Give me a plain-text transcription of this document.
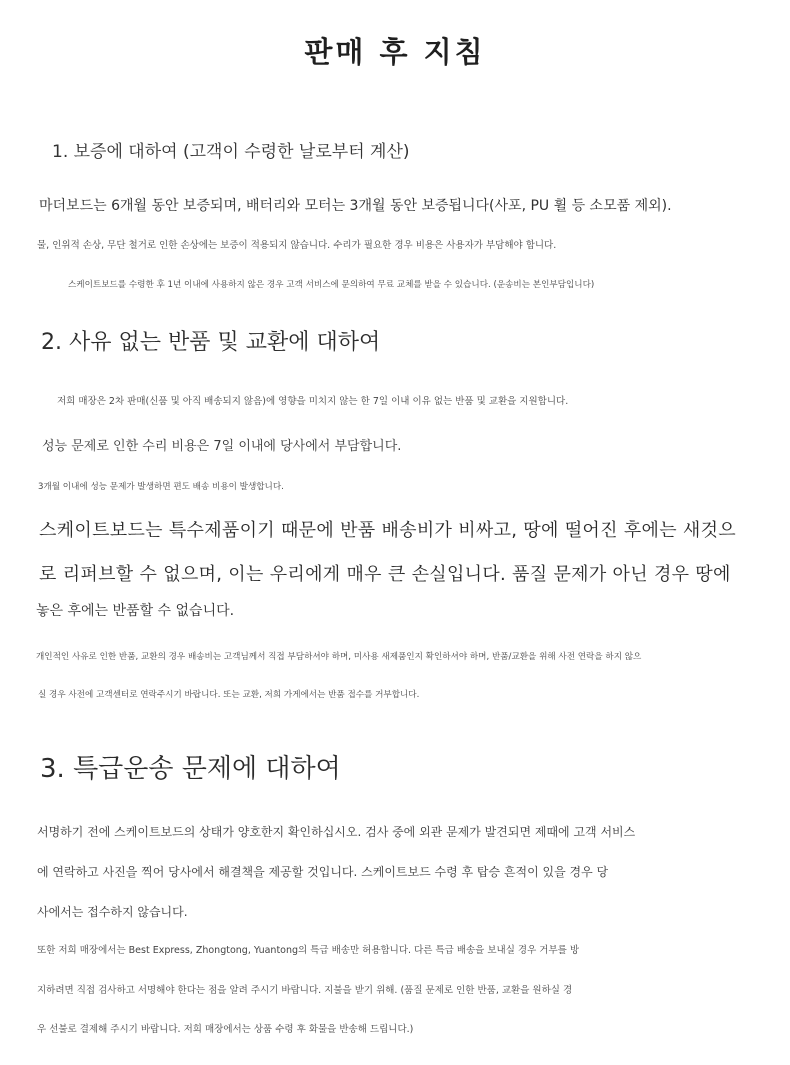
판매 후 지침
1. 보증에 대하여 (고객이 수령한 날로부터 계산)
마더보드는 6개월 동안 보증되며, 배터리와 모터는 3개월 동안 보증됩니다(사포, PU 휠 등 소모품 제외).
물, 인위적 손상, 무단 철거로 인한 손상에는 보증이 적용되지 않습니다. 수리가 필요한 경우 비용은 사용자가 부담해야 합니다.
스케이트보드를 수령한 후 1년 이내에 사용하지 않은 경우 고객 서비스에 문의하여 무료 교체를 받을 수 있습니다. (운송비는 본인부담입니다)
2. 사유 없는 반품 및 교환에 대하여
저희 매장은 2차 판매(신품 및 아직 배송되지 않음)에 영향을 미치지 않는 한 7일 이내 이유 없는 반품 및 교환을 지원합니다.
성능 문제로 인한 수리 비용은 7일 이내에 당사에서 부담합니다.
3개월 이내에 성능 문제가 발생하면 편도 배송 비용이 발생합니다.
스케이트보드는 특수제품이기 때문에 반품 배송비가 비싸고, 땅에 떨어진 후에는 새것으
로 리퍼브할 수 없으며, 이는 우리에게 매우 큰 손실입니다. 품질 문제가 아닌 경우 땅에
놓은 후에는 반품할 수 없습니다.
개인적인 사유로 인한 반품, 교환의 경우 배송비는 고객님께서 직접 부담하셔야 하며, 미사용 새제품인지 확인하셔야 하며, 반품/교환을 위해 사전 연락을 하지 않으
실 경우 사전에 고객센터로 연락주시기 바랍니다. 또는 교환, 저희 가게에서는 반품 접수를 거부합니다.
3. 특급운송 문제에 대하여
서명하기 전에 스케이트보드의 상태가 양호한지 확인하십시오. 검사 중에 외관 문제가 발견되면 제때에 고객 서비스
에 연락하고 사진을 찍어 당사에서 해결책을 제공할 것입니다. 스케이트보드 수령 후 탑승 흔적이 있을 경우 당
사에서는 접수하지 않습니다.
또한 저희 매장에서는 Best Express, Zhongtong, Yuantong의 특급 배송만 허용합니다. 다른 특급 배송을 보내실 경우 거부를 방
지하려면 직접 검사하고 서명해야 한다는 점을 알려 주시기 바랍니다. 지불을 받기 위해. (품질 문제로 인한 반품, 교환을 원하실 경
우 선불로 결제해 주시기 바랍니다. 저희 매장에서는 상품 수령 후 화물을 반송해 드립니다.)
